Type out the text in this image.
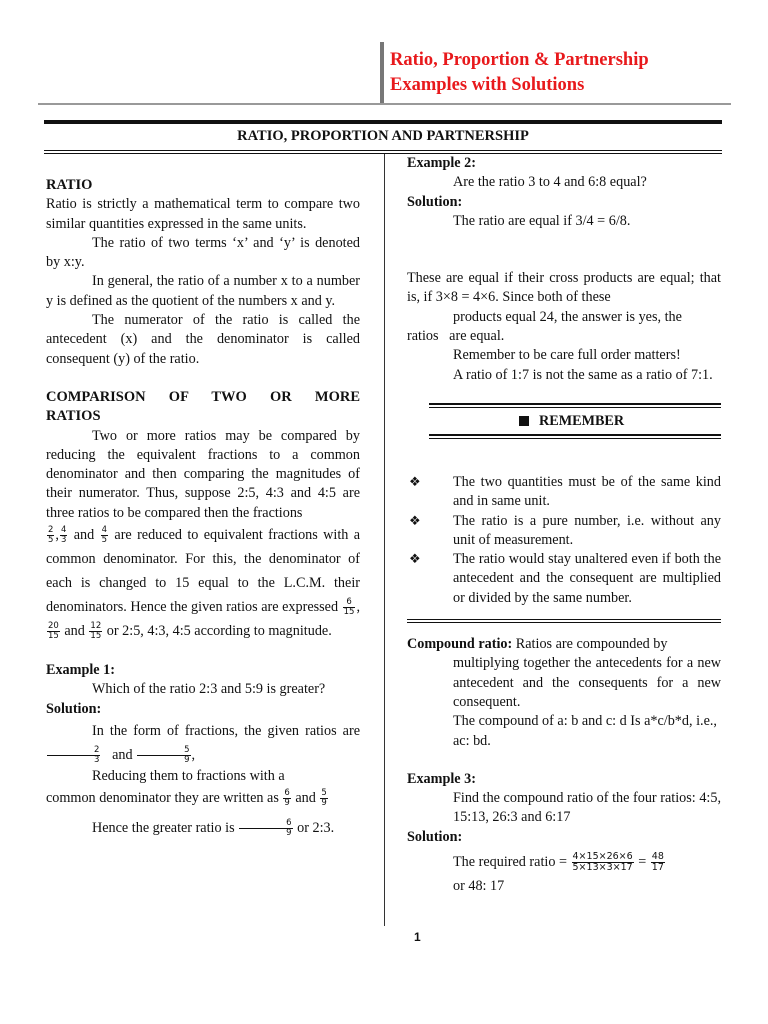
Ratio, Proportion & Partnership
Examples with Solutions
RATIO, PROPORTION AND PARTNERSHIP

RATIO

Ratio is strictly a mathematical term to compare two similar quantities expressed in the same units.

The ratio of two terms ‘x’ and ‘y’ is denoted by x:y.

In general, the ratio of a number x to a number y is defined as the quotient of the numbers x and y.

The numerator of the ratio is called the antecedent (x) and the denominator is called consequent (y) of the ratio.

COMPARISON OF TWO OR MORE RATIOS

Two or more ratios may be compared by reducing the equivalent fractions to a common denominator and then comparing the magnitudes of their numerator. Thus, suppose 2:5, 4:3 and 4:5 are three ratios to be compared then the fractions

$\frac{2}{5}$ , $\frac{4}{3}$ and $\frac{4}{5}$ are reduced to equivalent fractions with a common denominator. For this, the denominator of each is changed to 15 equal to the L.C.M. their denominators. Hence the given ratios are expressed $\frac{6}{15}$ ,
$\frac{20}{15}$ and $\frac{12}{15}$ or 2:5, 4:3, 4:5 according to magnitude.

Example 1:

Which of the ratio 2:3 and 5:9 is greater?

Solution:

In the form of fractions, the given ratios are
$\frac{2}{3}$ and $\frac{5}{9}$ ,

Reducing them to fractions with a

common denominator they are written as $\frac{6}{9}$ and $\frac{5}{9}$

Hence the greater ratio is $\frac{6}{9}$ or 2:3.

Example 2:

Are the ratio 3 to 4 and 6:8 equal?

Solution:

The ratio are equal if 3/4 = 6/8.

These are equal if their cross products are equal; that is, if 3×8 = 4×6. Since both of these

products equal 24, the answer is yes, the

ratios are equal.

Remember to be care full order matters!

A ratio of 1:7 is not the same as a ratio of 7:1.

REMEMBER

❖ The two quantities must be of the same kind and in same unit.

❖ The ratio is a pure number, i.e. without any unit of measurement.

❖ The ratio would stay unaltered even if both the antecedent and the consequent are multiplied or divided by the same number.

Compound ratio: Ratios are compounded by

multiplying together the antecedents for a new antecedent and the consequents for a new consequent.

The compound of a: b and c: d Is a*c/b*d, i.e.,

ac: bd.

Example 3:

Find the compound ratio of the four ratios: 4:5, 15:13, 26:3 and 6:17

Solution:

The required ratio = $\frac{4\times 15\times 26\times 6}{5\times 13\times 3\times 17} = \frac{48}{17}$

or 48: 17

1
